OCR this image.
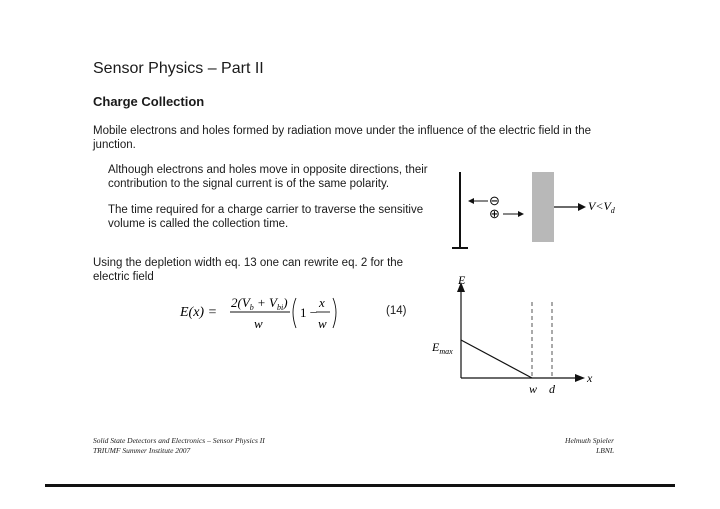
Sensor Physics – Part II
Charge Collection
Mobile electrons and holes formed by radiation move under the influence of the electric field in the junction.
Although electrons and holes move in opposite directions, their contribution to the signal current is of the same polarity.
The time required for a charge carrier to traverse the sensitive volume is called the collection time.
Using the depletion width eq. 13 one can rewrite eq. 2 for the electric field
E(x) =
$2(V_b + V_{bi})$
w
1 −
x
w
(14)
$V<V_d$
⊖
⊕
E
x
$E_{max}$
w d
Solid State Detectors and Electronics – Sensor Physics II
TRIUMF Summer Institute 2007
Helmuth Spieler
LBNL
